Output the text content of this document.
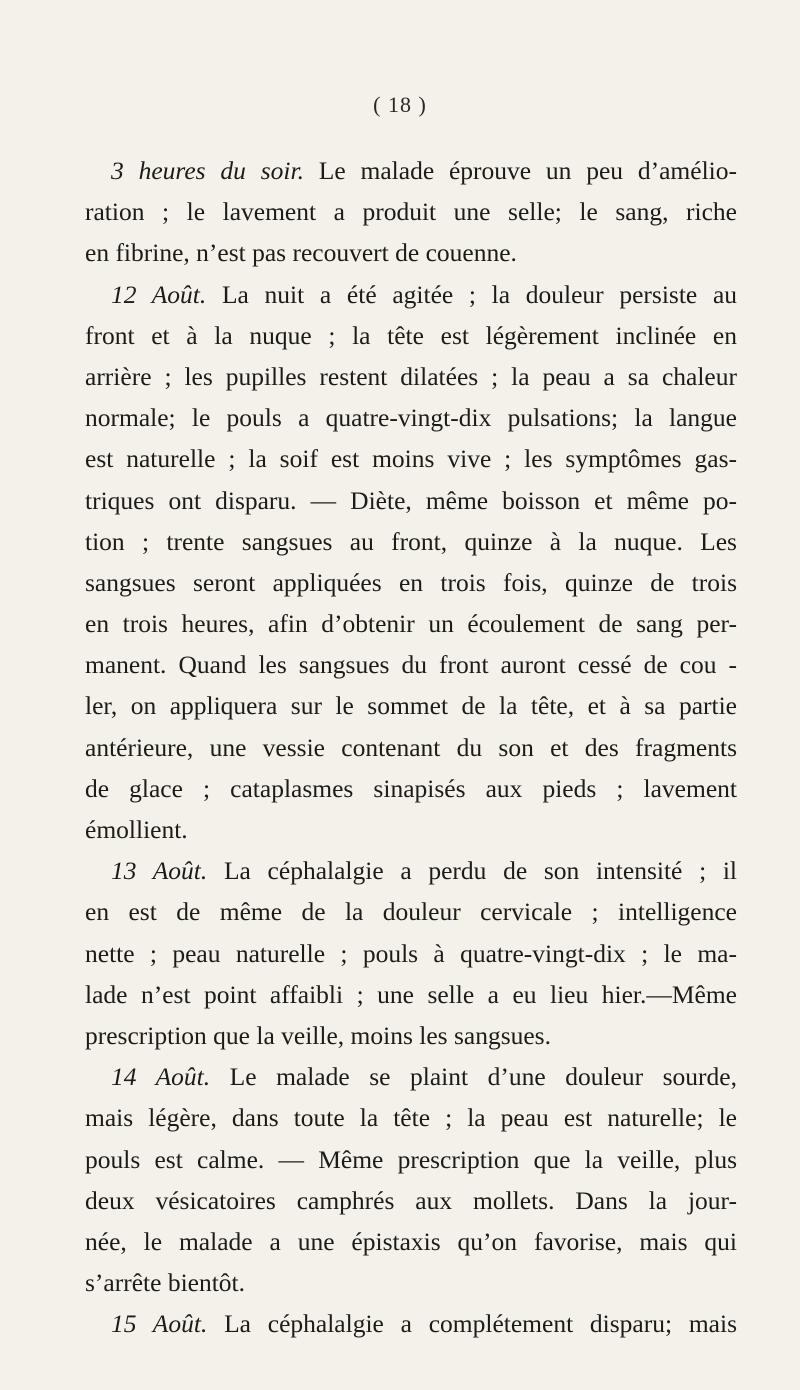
( 18 )
3 heures du soir. Le malade éprouve un peu d’amélio-
ration ; le lavement a produit une selle; le sang, riche
en fibrine, n’est pas recouvert de couenne.
12 Août. La nuit a été agitée ; la douleur persiste au
front et à la nuque ; la tête est légèrement inclinée en
arrière ; les pupilles restent dilatées ; la peau a sa chaleur
normale; le pouls a quatre-vingt-dix pulsations; la langue
est naturelle ; la soif est moins vive ; les symptômes gas-
triques ont disparu. — Diète, même boisson et même po-
tion ; trente sangsues au front, quinze à la nuque. Les
sangsues seront appliquées en trois fois, quinze de trois
en trois heures, afin d’obtenir un écoulement de sang per-
manent. Quand les sangsues du front auront cessé de cou -
ler, on appliquera sur le sommet de la tête, et à sa partie
antérieure, une vessie contenant du son et des fragments
de glace ; cataplasmes sinapisés aux pieds ; lavement
émollient.
13 Août. La céphalalgie a perdu de son intensité ; il
en est de même de la douleur cervicale ; intelligence
nette ; peau naturelle ; pouls à quatre-vingt-dix ; le ma-
lade n’est point affaibli ; une selle a eu lieu hier.—Même
prescription que la veille, moins les sangsues.
14 Août. Le malade se plaint d’une douleur sourde,
mais légère, dans toute la tête ; la peau est naturelle; le
pouls est calme. — Même prescription que la veille, plus
deux vésicatoires camphrés aux mollets. Dans la jour-
née, le malade a une épistaxis qu’on favorise, mais qui
s’arrête bientôt.
15 Août. La céphalalgie a complétement disparu; mais
